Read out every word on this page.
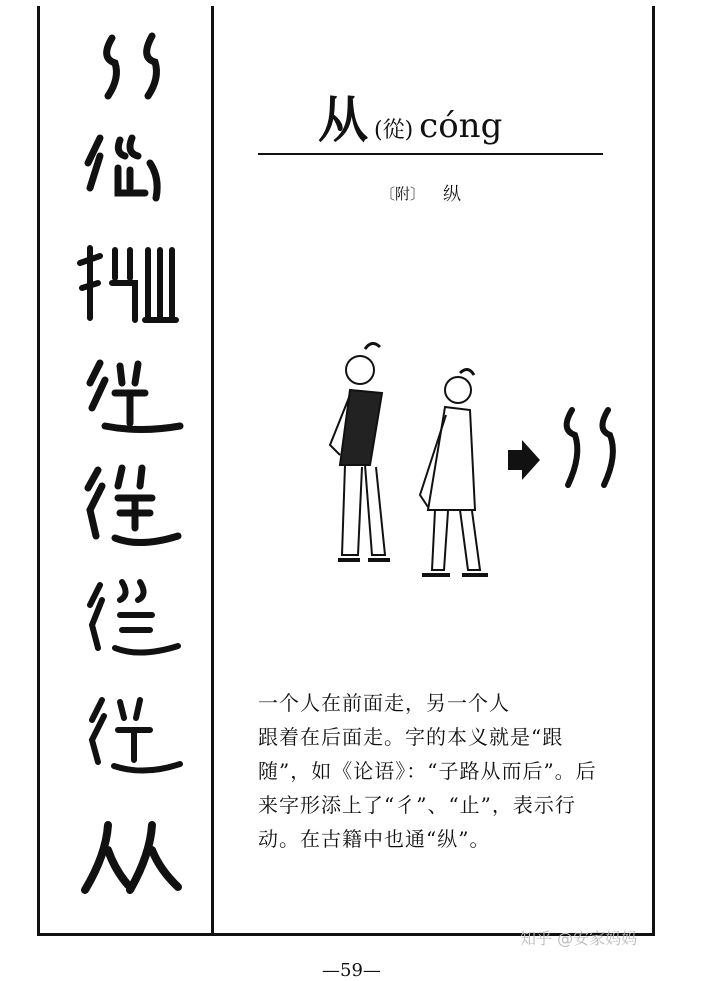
从 (從) cóng
〔附〕 纵
一个人在前面走，另一个人
跟着在后面走。字的本义就是“跟
随”，如《论语》：“子路从而后”。后
来字形添上了“彳”、“止”，表示行
动。在古籍中也通“纵”。
知乎 @安家妈妈
—59—
